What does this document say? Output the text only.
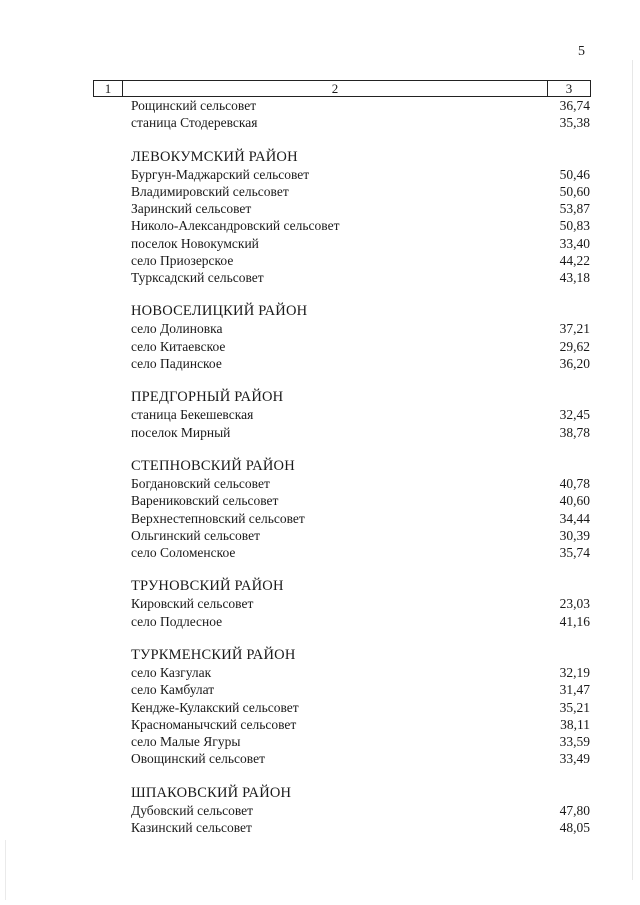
5
1	2	3
Рощинский сельсовет	36,74
станица Стодеревская	35,38
ЛЕВОКУМСКИЙ РАЙОН
Бургун-Маджарский сельсовет	50,46
Владимировский сельсовет	50,60
Заринский сельсовет	53,87
Николо-Александровский сельсовет	50,83
поселок Новокумский	33,40
село Приозерское	44,22
Турксадский сельсовет	43,18
НОВОСЕЛИЦКИЙ РАЙОН
село Долиновка	37,21
село Китаевское	29,62
село Падинское	36,20
ПРЕДГОРНЫЙ РАЙОН
станица Бекешевская	32,45
поселок Мирный	38,78
СТЕПНОВСКИЙ РАЙОН
Богдановский сельсовет	40,78
Варениковский сельсовет	40,60
Верхнестепновский сельсовет	34,44
Ольгинский сельсовет	30,39
село Соломенское	35,74
ТРУНОВСКИЙ РАЙОН
Кировский сельсовет	23,03
село Подлесное	41,16
ТУРКМЕНСКИЙ РАЙОН
село Казгулак	32,19
село Камбулат	31,47
Кендже-Кулакский сельсовет	35,21
Красноманычский сельсовет	38,11
село Малые Ягуры	33,59
Овощинский сельсовет	33,49
ШПАКОВСКИЙ РАЙОН
Дубовский сельсовет	47,80
Казинский сельсовет	48,05
